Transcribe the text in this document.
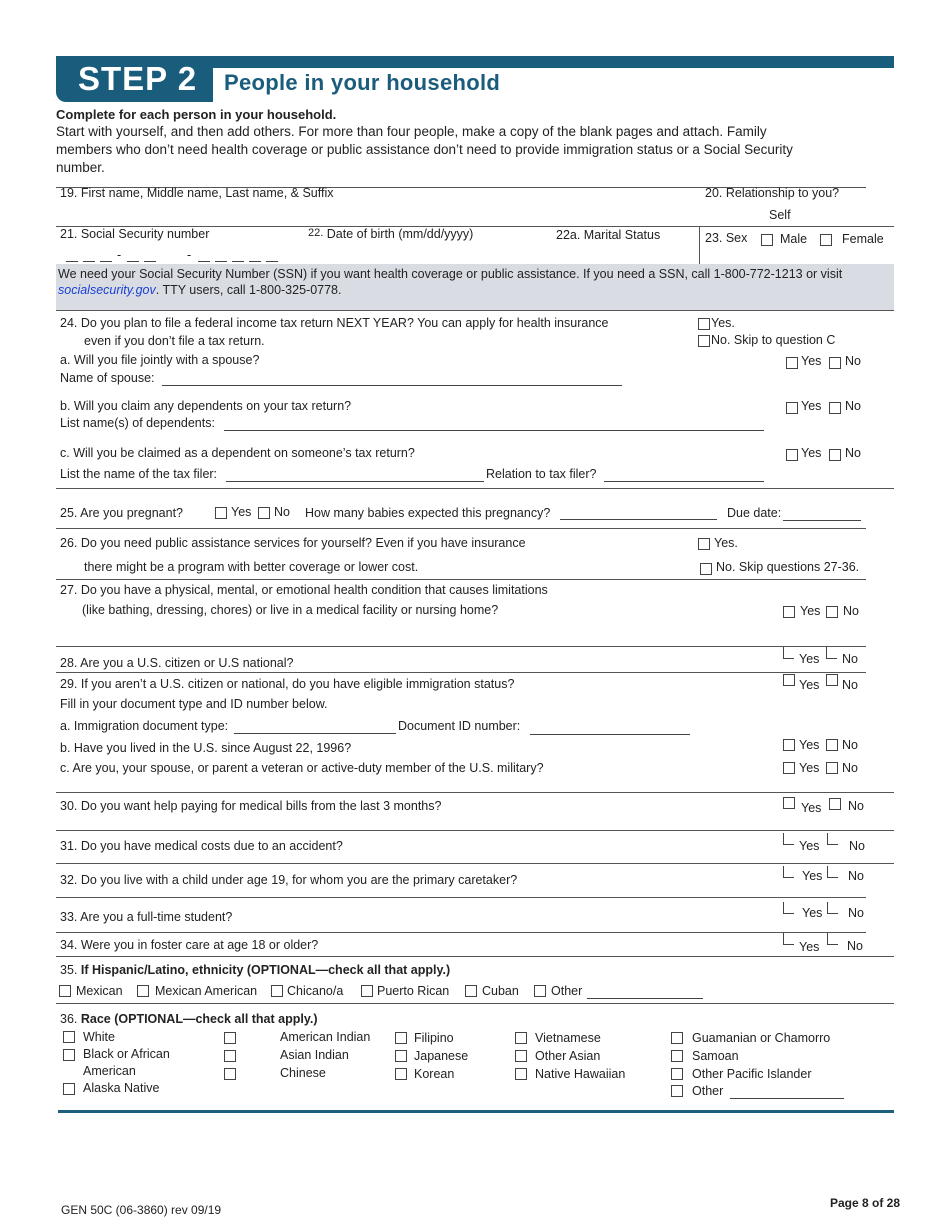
STEP 2	People in your household
Complete for each person in your household.
Start with yourself, and then add others. For more than four people, make a copy of the blank pages and attach. Family
members who don’t need health coverage or public assistance don’t need to provide immigration status or a Social Security
number.
19. First name, Middle name, Last name, & Suffix	20. Relationship to you?
Self
21. Social Security number
-	-
22. Date of birth (mm/dd/yyyy)	22a. Marital Status	23. Sex	Male	Female
We need your Social Security Number (SSN) if you want health coverage or public assistance. If you need a SSN, call 1-800-772-1213 or visit
socialsecurity.gov. TTY users, call 1-800-325-0778.
24. Do you plan to file a federal income tax return NEXT YEAR? You can apply for health insurance
even if you don’t file a tax return.
Yes.
No. Skip to question C
a. Will you file jointly with a spouse?	Yes No
Name of spouse:
b. Will you claim any dependents on your tax return?	Yes No
List name(s) of dependents:
c. Will you be claimed as a dependent on someone’s tax return?	Yes No
List the name of the tax filer:	Relation to tax filer?
25. Are you pregnant?	Yes No How many babies expected this pregnancy?	Due date:
26. Do you need public assistance services for yourself? Even if you have insurance
there might be a program with better coverage or lower cost.
Yes.
No. Skip questions 27-36.
27. Do you have a physical, mental, or emotional health condition that causes limitations
(like bathing, dressing, chores) or live in a medical facility or nursing home?	Yes No
28. Are you a U.S. citizen or U.S national?	Yes No
29. If you aren’t a U.S. citizen or national, do you have eligible immigration status?	Yes No
Fill in your document type and ID number below.
a. Immigration document type:	Document ID number:
b. Have you lived in the U.S. since August 22, 1996?	Yes No
c. Are you, your spouse, or parent a veteran or active-duty member of the U.S. military?	Yes No
30. Do you want help paying for medical bills from the last 3 months?	Yes No
31. Do you have medical costs due to an accident?	Yes No
32. Do you live with a child under age 19, for whom you are the primary caretaker?	Yes No
33. Are you a full-time student?	Yes No
34. Were you in foster care at age 18 or older?	Yes No
35. If Hispanic/Latino, ethnicity (OPTIONAL—check all that apply.)
Mexican	Mexican American Chicano/a	Puerto Rican	Cuban	Other
36. Race (OPTIONAL—check all that apply.)
White
Black or African
American
Alaska Native
American Indian
Asian Indian
Chinese
Filipino
Japanese
Korean
Vietnamese
Other Asian
Native Hawaiian
Guamanian or Chamorro
Samoan
Other Pacific Islander
Other
GEN 50C (06-3860) rev 09/19	Page 8 of 28
